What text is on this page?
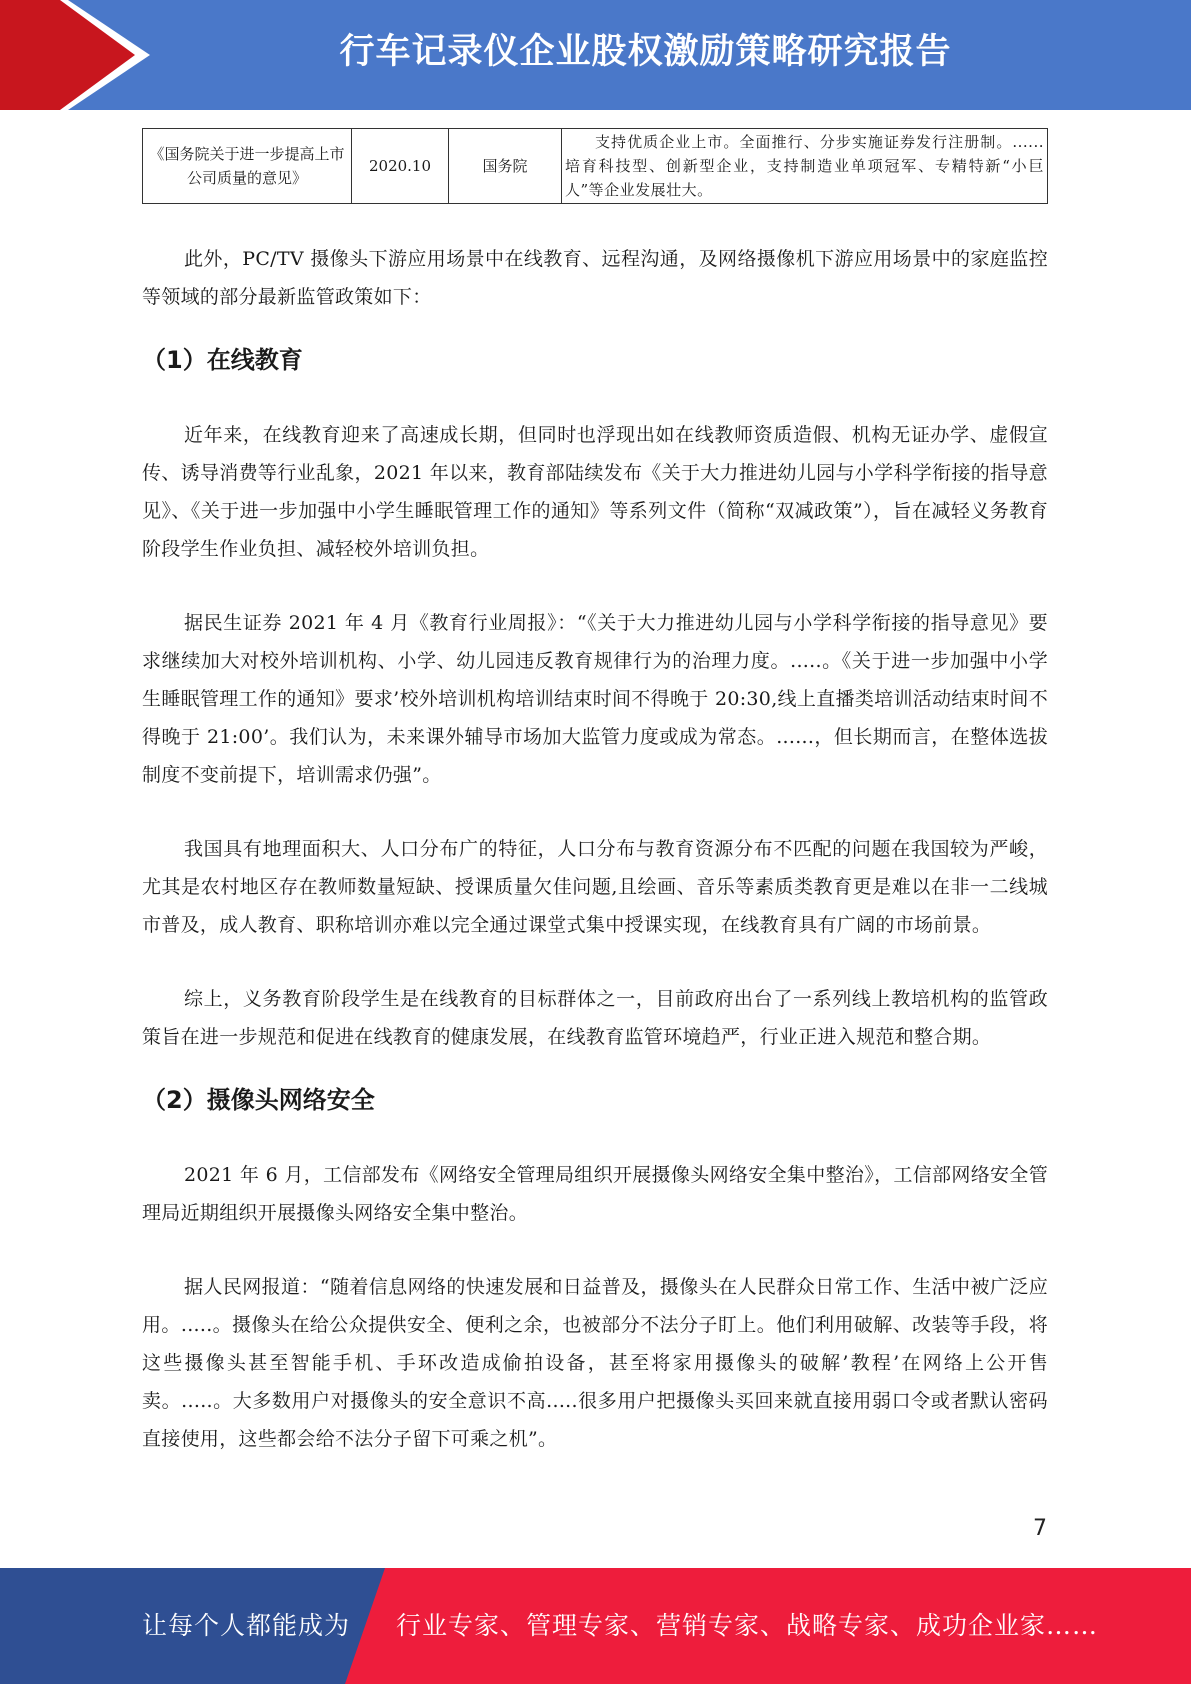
行车记录仪企业股权激励策略研究报告
《国务院关于进一步提高上市公司质量的意见》	2020.10	国务院	支持优质企业上市。全面推行、分步实施证券发行注册制。......培育科技型、创新型企业，支持制造业单项冠军、专精特新“小巨人”等企业发展壮大。

此外，PC/TV 摄像头下游应用场景中在线教育、远程沟通，及网络摄像机下游应用场景中的家庭监控等领域的部分最新监管政策如下：

（1）在线教育

近年来，在线教育迎来了高速成长期，但同时也浮现出如在线教师资质造假、机构无证办学、虚假宣传、诱导消费等行业乱象，2021 年以来，教育部陆续发布《关于大力推进幼儿园与小学科学衔接的指导意见》、《关于进一步加强中小学生睡眠管理工作的通知》等系列文件（简称“双减政策”），旨在减轻义务教育阶段学生作业负担、减轻校外培训负担。

据民生证券 2021 年 4 月《教育行业周报》：“《关于大力推进幼儿园与小学科学衔接的指导意见》要求继续加大对校外培训机构、小学、幼儿园违反教育规律行为的治理力度。.....。《关于进一步加强中小学生睡眠管理工作的通知》要求’校外培训机构培训结束时间不得晚于 20:30,线上直播类培训活动结束时间不得晚于 21:00’。我们认为，未来课外辅导市场加大监管力度或成为常态。......，但长期而言，在整体选拔制度不变前提下，培训需求仍强”。

我国具有地理面积大、人口分布广的特征，人口分布与教育资源分布不匹配的问题在我国较为严峻，尤其是农村地区存在教师数量短缺、授课质量欠佳问题,且绘画、音乐等素质类教育更是难以在非一二线城市普及，成人教育、职称培训亦难以完全通过课堂式集中授课实现，在线教育具有广阔的市场前景。

综上，义务教育阶段学生是在线教育的目标群体之一，目前政府出台了一系列线上教培机构的监管政策旨在进一步规范和促进在线教育的健康发展，在线教育监管环境趋严，行业正进入规范和整合期。

（2）摄像头网络安全

2021 年 6 月，工信部发布《网络安全管理局组织开展摄像头网络安全集中整治》，工信部网络安全管理局近期组织开展摄像头网络安全集中整治。

据人民网报道：“随着信息网络的快速发展和日益普及，摄像头在人民群众日常工作、生活中被广泛应用。.....。摄像头在给公众提供安全、便利之余，也被部分不法分子盯上。他们利用破解、改装等手段，将这些摄像头甚至智能手机、手环改造成偷拍设备，甚至将家用摄像头的破解’教程’在网络上公开售卖。.....。大多数用户对摄像头的安全意识不高.....很多用户把摄像头买回来就直接用弱口令或者默认密码直接使用，这些都会给不法分子留下可乘之机”。

7
让每个人都能成为 行业专家、管理专家、营销专家、战略专家、成功企业家……
